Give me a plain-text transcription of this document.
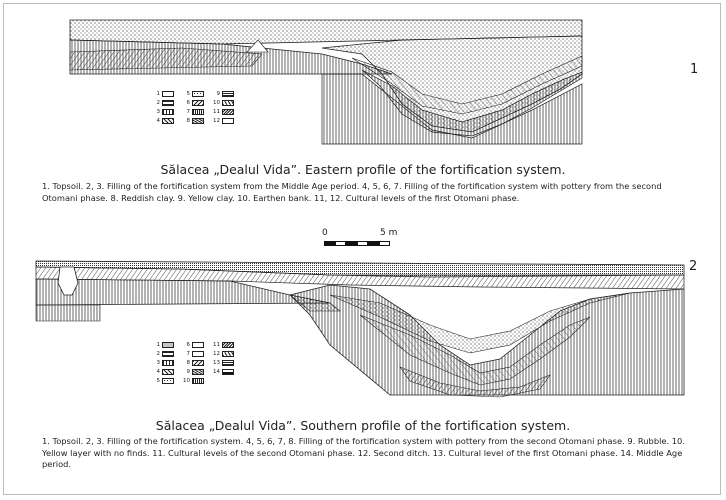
1
1
2
3
4
5
6
7
8
9
10
11
12
Sălacea „Dealul Vida”. Eastern profile of the fortification system.
1. Topsoil. 2, 3. Filling of the fortification system from the Middle Age period. 4, 5, 6, 7. Filling of the fortification system with pottery from the second Otomani phase. 8. Reddish clay. 9. Yellow clay. 10. Earthen bank. 11, 12. Cultural levels of the first Otomani phase.
0	5 m
2
1
2
3
4
5
6
7
8
9
10
11
12
13
14
Sălacea „Dealul Vida”. Southern profile of the fortification system.
1. Topsoil. 2, 3. Filling of the fortification system. 4, 5, 6, 7, 8. Filling of the fortification system with pottery from the second Otomani phase. 9. Rubble. 10. Yellow layer with no finds. 11. Cultural levels of the second Otomani phase. 12. Second ditch. 13. Cultural level of the first Otomani phase. 14. Middle Age period.
